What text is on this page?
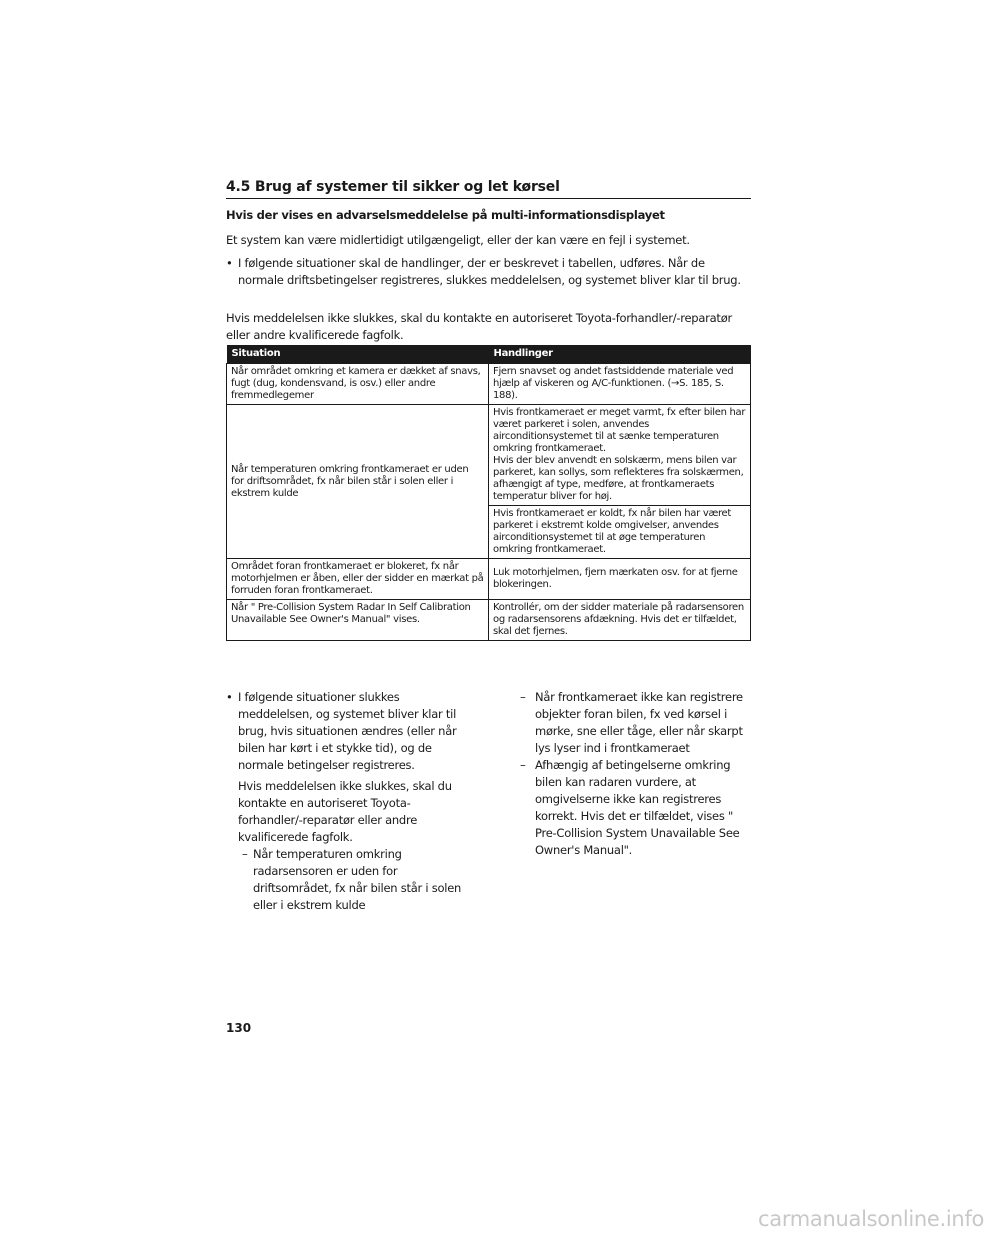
4.5 Brug af systemer til sikker og let kørsel
Hvis der vises en advarselsmeddelelse på multi-informationsdisplayet
Et system kan være midlertidigt utilgængeligt, eller der kan være en fejl i systemet.
• I følgende situationer skal de handlinger, der er beskrevet i tabellen, udføres. Når de normale driftsbetingelser registreres, slukkes meddelelsen, og systemet bliver klar til brug.
Hvis meddelelsen ikke slukkes, skal du kontakte en autoriseret Toyota-forhandler/-reparatør eller andre kvalificerede fagfolk.
Situation	Handlinger
Når området omkring et kamera er dækket af snavs, fugt (dug, kondensvand, is osv.) eller andre fremmedlegemer	Fjern snavset og andet fastsiddende materiale ved hjælp af viskeren og A/C-funktionen. (→S. 185, S. 188).
Når temperaturen omkring frontkameraet er uden for driftsområdet, fx når bilen står i solen eller i ekstrem kulde	Hvis frontkameraet er meget varmt, fx efter bilen har været parkeret i solen, anvendes airconditionsystemet til at sænke temperaturen omkring frontkameraet.
Hvis der blev anvendt en solskærm, mens bilen var parkeret, kan sollys, som reflekteres fra solskærmen, afhængigt af type, medføre, at frontkameraets temperatur bliver for høj.

	Hvis frontkameraet er koldt, fx når bilen har været parkeret i ekstremt kolde omgivelser, anvendes airconditionsystemet til at øge temperaturen omkring frontkameraet.
Området foran frontkameraet er blokeret, fx når motorhjelmen er åben, eller der sidder en mærkat på forruden foran frontkameraet.	Luk motorhjelmen, fjern mærkaten osv. for at fjerne blokeringen.
Når " Pre-Collision System Radar In Self Calibration Unavailable See Owner's Manual" vises.	Kontrollér, om der sidder materiale på radarsensoren og radarsensorens afdækning. Hvis det er tilfældet, skal det fjernes.
• I følgende situationer slukkes meddelelsen, og systemet bliver klar til brug, hvis situationen ændres (eller når bilen har kørt i et stykke tid), og de normale betingelser registreres.
Hvis meddelelsen ikke slukkes, skal du kontakte en autoriseret Toyota-forhandler/-reparatør eller andre kvalificerede fagfolk.
– Når temperaturen omkring radarsensoren er uden for driftsområdet, fx når bilen står i solen eller i ekstrem kulde
– Når frontkameraet ikke kan registrere objekter foran bilen, fx ved kørsel i mørke, sne eller tåge, eller når skarpt lys lyser ind i frontkameraet
– Afhængig af betingelserne omkring bilen kan radaren vurdere, at omgivelserne ikke kan registreres korrekt. Hvis det er tilfældet, vises " Pre-Collision System Unavailable See Owner's Manual".
130
carmanualsonline.info
